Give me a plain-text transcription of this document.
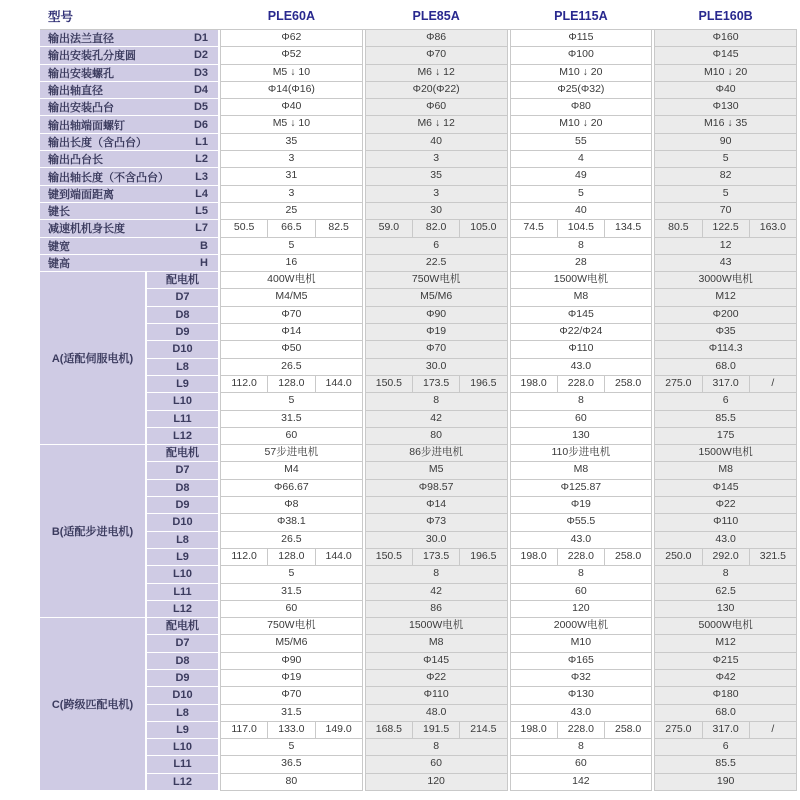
型号	PLE60A	PLE85A	PLE115A	PLE160B
输出法兰直径	D1	Φ62	Φ86	Φ115	Φ160
输出安装孔分度圆	D2	Φ52	Φ70	Φ100	Φ145
输出安装螺孔	D3	M5 ↓ 10	M6 ↓ 12	M10 ↓ 20	M10 ↓ 20
输出轴直径	D4	Φ14(Φ16)	Φ20(Φ22)	Φ25(Φ32)	Φ40
输出安装凸台	D5	Φ40	Φ60	Φ80	Φ130
输出轴端面螺钉	D6	M5 ↓ 10	M6 ↓ 12	M10 ↓ 20	M16 ↓ 35
输出长度（含凸台）	L1	35	40	55	90
输出凸台长	L2	3	3	4	5
输出轴长度（不含凸台） L3	31	35	49	82
键到端面距离	L4	3	3	5	5
键长	L5	25	30	40	70
减速机机身长度	L7	50.5	66.5	82.5	59.0	82.0	105.0	74.5	104.5	134.5	80.5	122.5	163.0
键宽	B	5	6	8	12
键高	H	16	22.5	28	43
A(适配伺服电机)
配电机	400W电机	750W电机	1500W电机	3000W电机
D7	M4/M5	M5/M6	M8	M12
D8	Φ70	Φ90	Φ145	Φ200
D9	Φ14	Φ19	Φ22/Φ24	Φ35
D10	Φ50	Φ70	Φ110	Φ114.3
L8	26.5	30.0	43.0	68.0
L9	112.0	128.0	144.0	150.5	173.5	196.5	198.0	228.0	258.0	275.0	317.0	/
L10	5	8	8	6
L11	31.5	42	60	85.5
L12	60	80	130	175
B(适配步进电机)
配电机	57步进电机	86步进电机	110步进电机	1500W电机
D7	M4	M5	M8	M8
D8	Φ66.67	Φ98.57	Φ125.87	Φ145
D9	Φ8	Φ14	Φ19	Φ22
D10	Φ38.1	Φ73	Φ55.5	Φ110
L8	26.5	30.0	43.0	43.0
L9	112.0	128.0	144.0	150.5	173.5	196.5	198.0	228.0	258.0	250.0	292.0	321.5
L10	5	8	8	8
L11	31.5	42	60	62.5
L12	60	86	120	130
C(跨级匹配电机)
配电机	750W电机	1500W电机	2000W电机	5000W电机
D7	M5/M6	M8	M10	M12
D8	Φ90	Φ145	Φ165	Φ215
D9	Φ19	Φ22	Φ32	Φ42
D10	Φ70	Φ110	Φ130	Φ180
L8	31.5	48.0	43.0	68.0
L9	117.0	133.0	149.0	168.5	191.5	214.5	198.0	228.0	258.0	275.0	317.0	/
L10	5	8	8	6
L11	36.5	60	60	85.5
L12	80	120	142	190
